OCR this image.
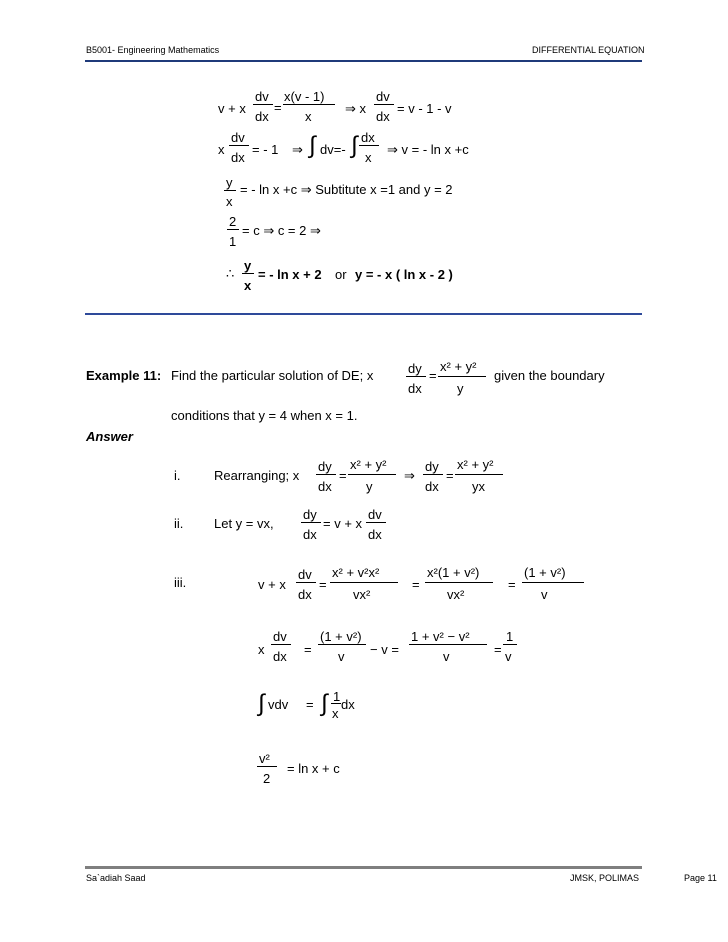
B5001- Engineering Mathematics	DIFFERENTIAL EQUATION
v + x
dv
dx
=
x(v - 1)
x
⇒ x
dv
dx
= v - 1 - v
x
dv
dx
= - 1 ⇒ ∫ dv=- ∫ dx
x
⇒ v = - ln x +c
y
x
= - ln x +c ⇒ Subtitute x =1 and y = 2
2
1
= c ⇒ c = 2 ⇒
∴
y
x
= - ln x + 2 or y = - x ( ln x - 2 )
Example 11: Find the particular solution of DE; x	dy
dx
=
x² + y²
y
given the boundary
conditions that y = 4 when x = 1.
Answer
i.	Rearranging; x
dy
dx
=
x² + y²
y
⇒
dy
dx
=
x² + y²
yx
ii. Let y = vx,
dy
dx
= v + x
dv
dx
iii.	v + x
dv
dx
=
x² + v²x²
vx²
=
x²(1 + v²)
vx²
=
(1 + v²)
v
x
dv
dx =
(1 + v²)
v − v =
1 + v² − v²
v	=
1
v
∫ vdv = ∫ 1
x
dx
v²
2
= ln x + c
Sa`adiah Saad	JMSK, POLIMAS	Page 11
